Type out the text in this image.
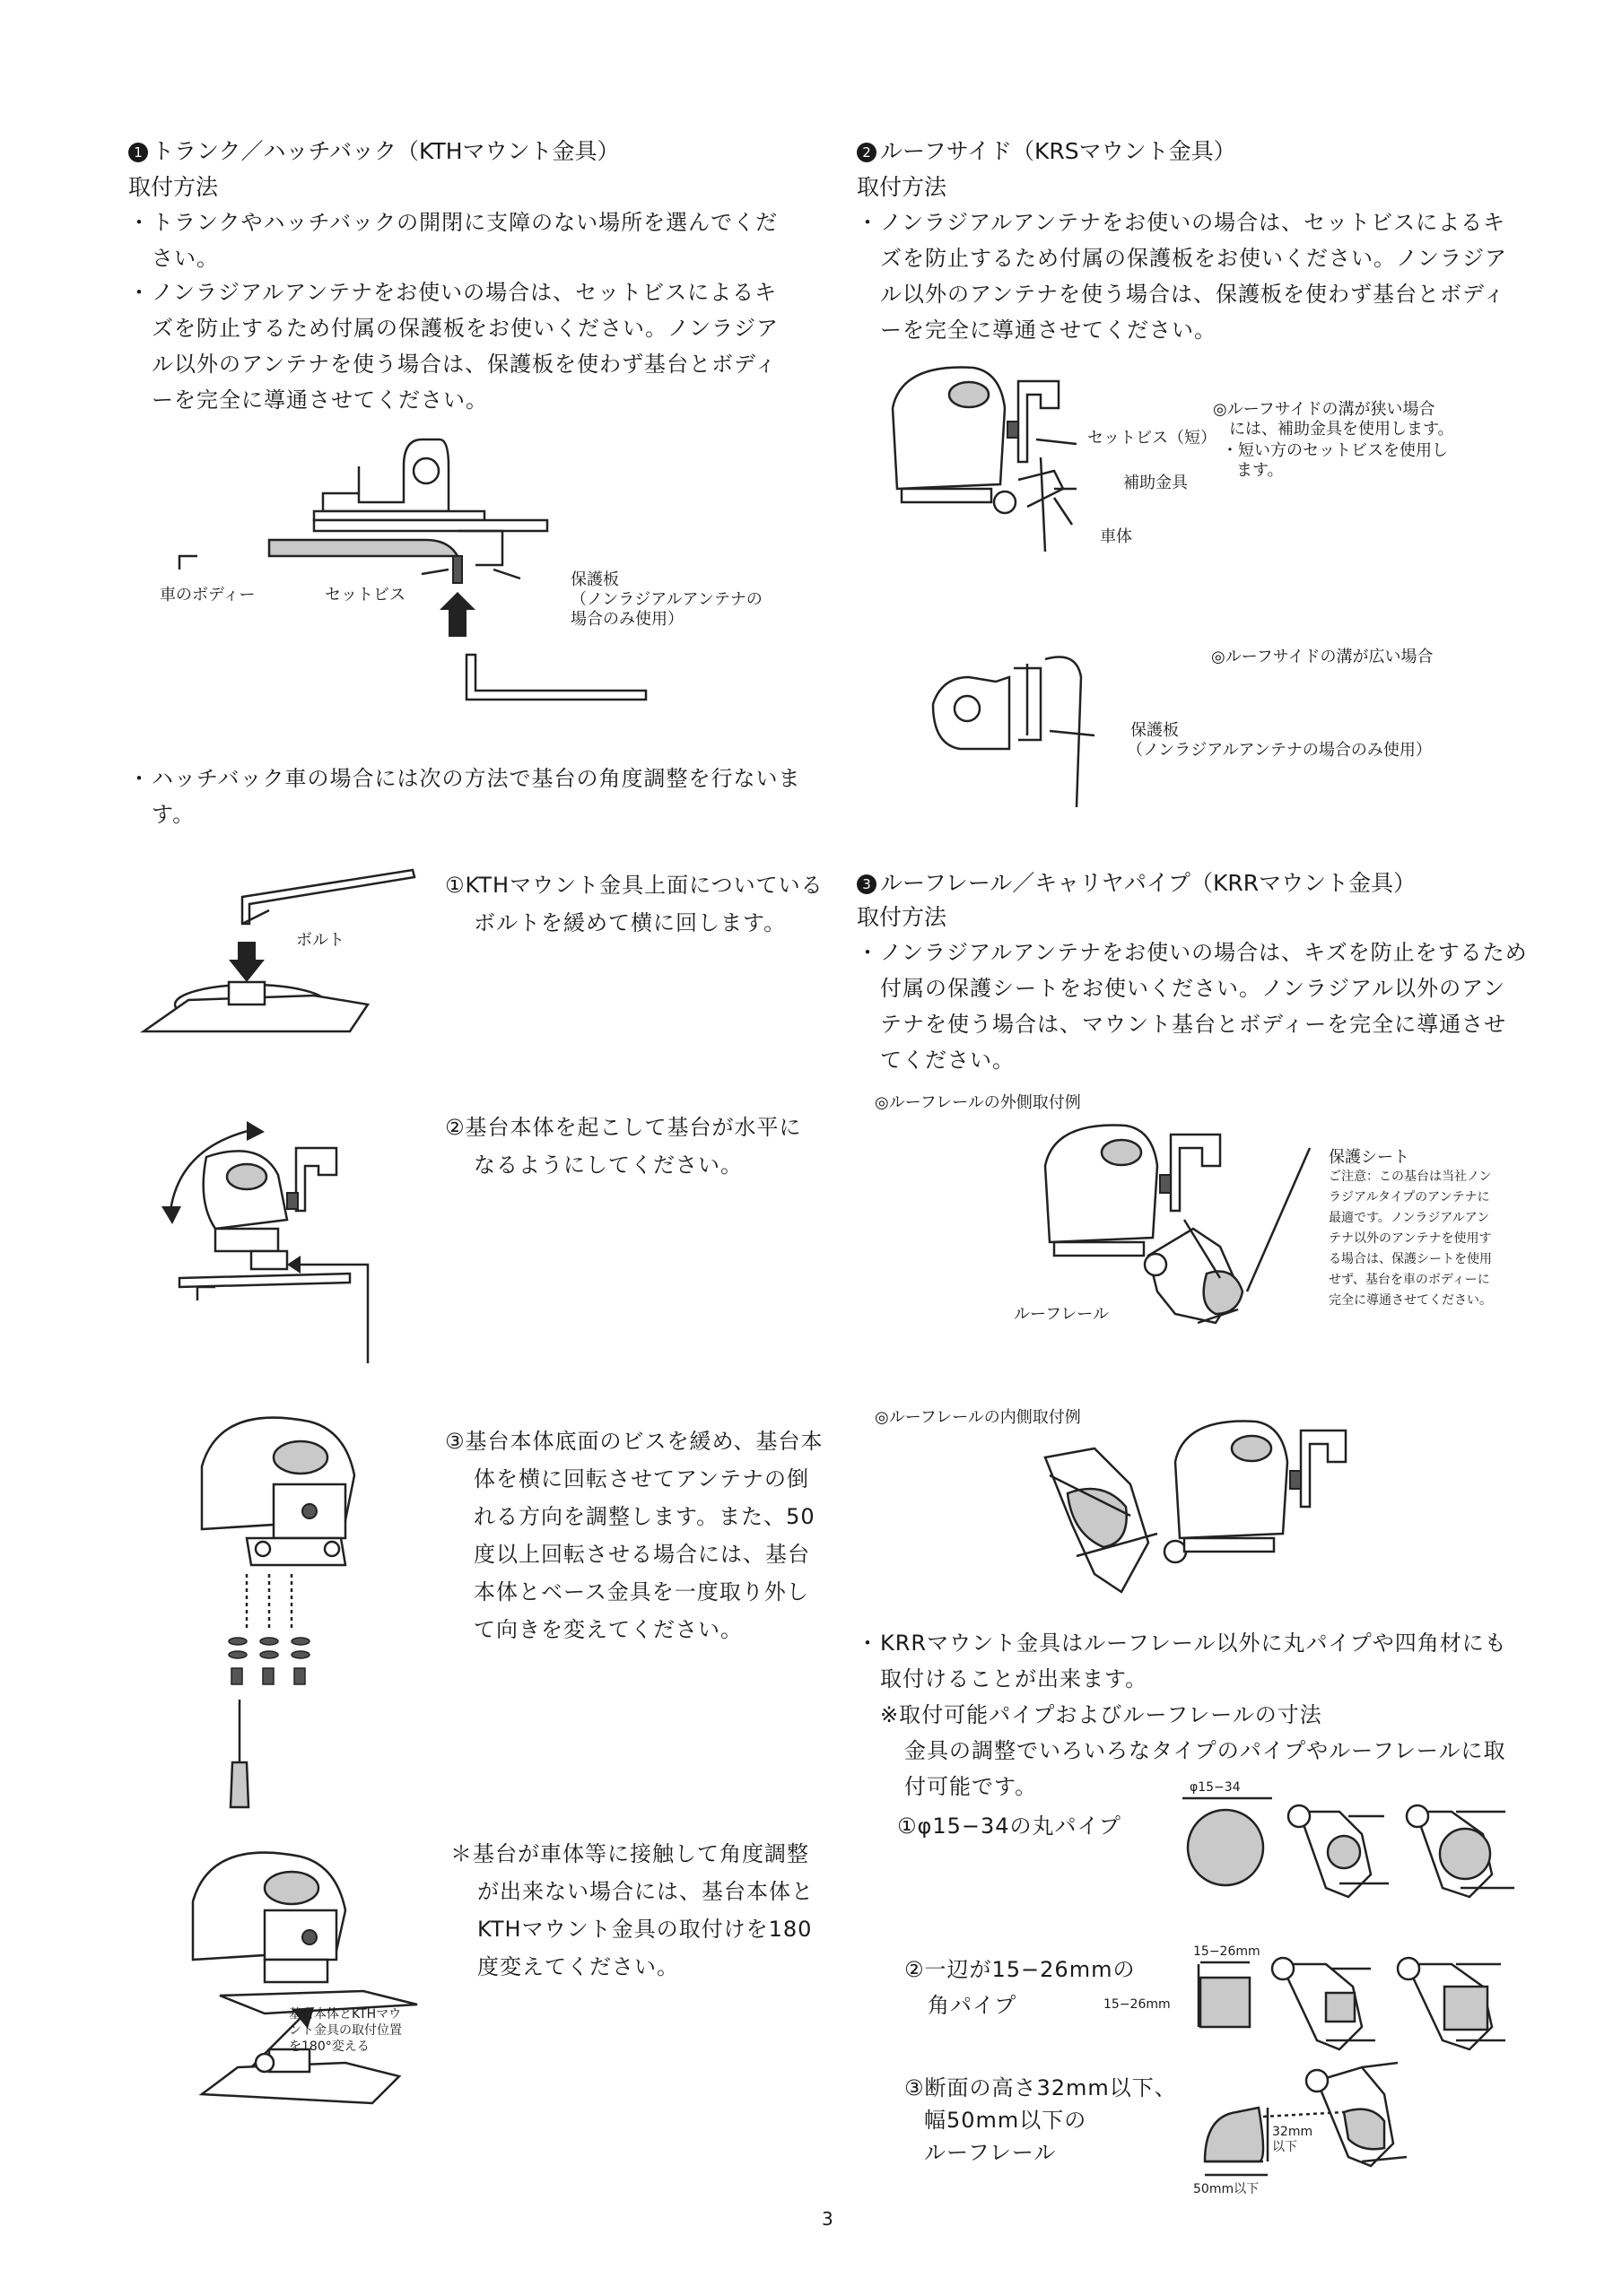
1 トランク／ハッチバック（KTHマウント金具）
取付方法
・ トランクやハッチバックの開閉に支障のない場所を選んでください。
・ ノンラジアルアンテナをお使いの場合は、セットビスによるキズを防止するため付属の保護板をお使いください。ノンラジアル以外のアンテナを使う場合は、保護板を使わず基台とボディーを完全に導通させてください。
車のボディー	セットビス
保護板
（ノンラジアルアンテナの
場合のみ使用）
・ ハッチバック車の場合には次の方法で基台の角度調整を行ないます。
ボルト
①KTHマウント金具上面についているボルトを緩めて横に回します。
②基台本体を起こして基台が水平になるようにしてください。
③基台本体底面のビスを緩め、基台本体を横に回転させてアンテナの倒れる方向を調整します。また、50度以上回転させる場合には、基台本体とベース金具を一度取り外して向きを変えてください。
基台本体とKTHマウ
ント金具の取付位置
を180°変える
＊基台が車体等に接触して角度調整が出来ない場合には、基台本体とKTHマウント金具の取付けを180度変えてください。
2 ルーフサイド（KRSマウント金具）
取付方法
・ ノンラジアルアンテナをお使いの場合は、セットビスによるキズを防止するため付属の保護板をお使いください。ノンラジアル以外のアンテナを使う場合は、保護板を使わず基台とボディーを完全に導通させてください。
セットビス（短）
補助金具
車体
◎ルーフサイドの溝が狭い場合
には、補助金具を使用します。
・短い方のセットビスを使用し
ます。
◎ルーフサイドの溝が広い場合
保護板
（ノンラジアルアンテナの場合のみ使用）
3 ルーフレール／キャリヤパイプ（KRRマウント金具）
取付方法
・ ノンラジアルアンテナをお使いの場合は、キズを防止をするため付属の保護シートをお使いください。ノンラジアル以外のアンテナを使う場合は、マウント基台とボディーを完全に導通させてください。
◎ルーフレールの外側取付例
保護シート
ご注意：この基台は当社ノン
ラジアルタイプのアンテナに
最適です。ノンラジアルアン
テナ以外のアンテナを使用す
る場合は、保護シートを使用
せず、基台を車のボディーに
完全に導通させてください。
ルーフレール
◎ルーフレールの内側取付例
・ KRRマウント金具はルーフレール以外に丸パイプや四角材にも取付けることが出来ます。
※取付可能パイプおよびルーフレールの寸法
金具の調整でいろいろなタイプのパイプやルーフレールに取付可能です。
①φ15−34の丸パイプ
φ15−34
②一辺が15−26mmの
角パイプ
15−26mm
15−26mm
③断面の高さ32mm以下、
幅50mm以下の
ルーフレール
32mm
以下
50mm以下
3
